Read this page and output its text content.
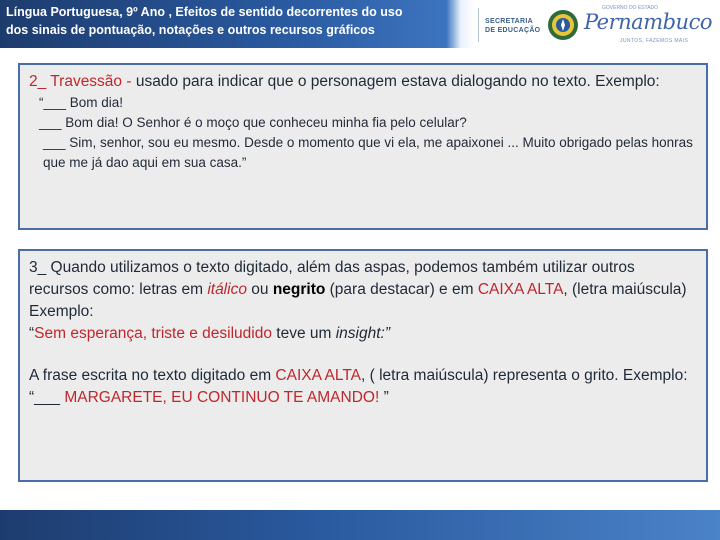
Língua Portuguesa, 9º Ano , Efeitos de sentido decorrentes do uso
dos sinais de pontuação, notações e outros recursos gráficos
SECRETARIA
DE EDUCAÇÃO
GOVERNO DO ESTADO
Pernambuco
JUNTOS, FAZEMOS MAIS

2_ Travessão - usado para indicar que o personagem estava dialogando no texto. Exemplo:

“___ Bom dia!
___ Bom dia! O Senhor é o moço que conheceu minha fia pelo celular?
___ Sim, senhor, sou eu mesmo. Desde o momento que vi ela, me apaixonei ... Muito obrigado pelas honras que me já dao aqui em sua casa.”

3_ Quando utilizamos o texto digitado, além das aspas, podemos também utilizar outros recursos como: letras em itálico ou negrito (para destacar) e em CAIXA ALTA, (letra maiúscula) Exemplo:

“Sem esperança, triste e desiludido teve um insight:”

A frase escrita no texto digitado em CAIXA ALTA, ( letra maiúscula) representa o grito. Exemplo:

“___ MARGARETE, EU CONTINUO TE AMANDO! ”
